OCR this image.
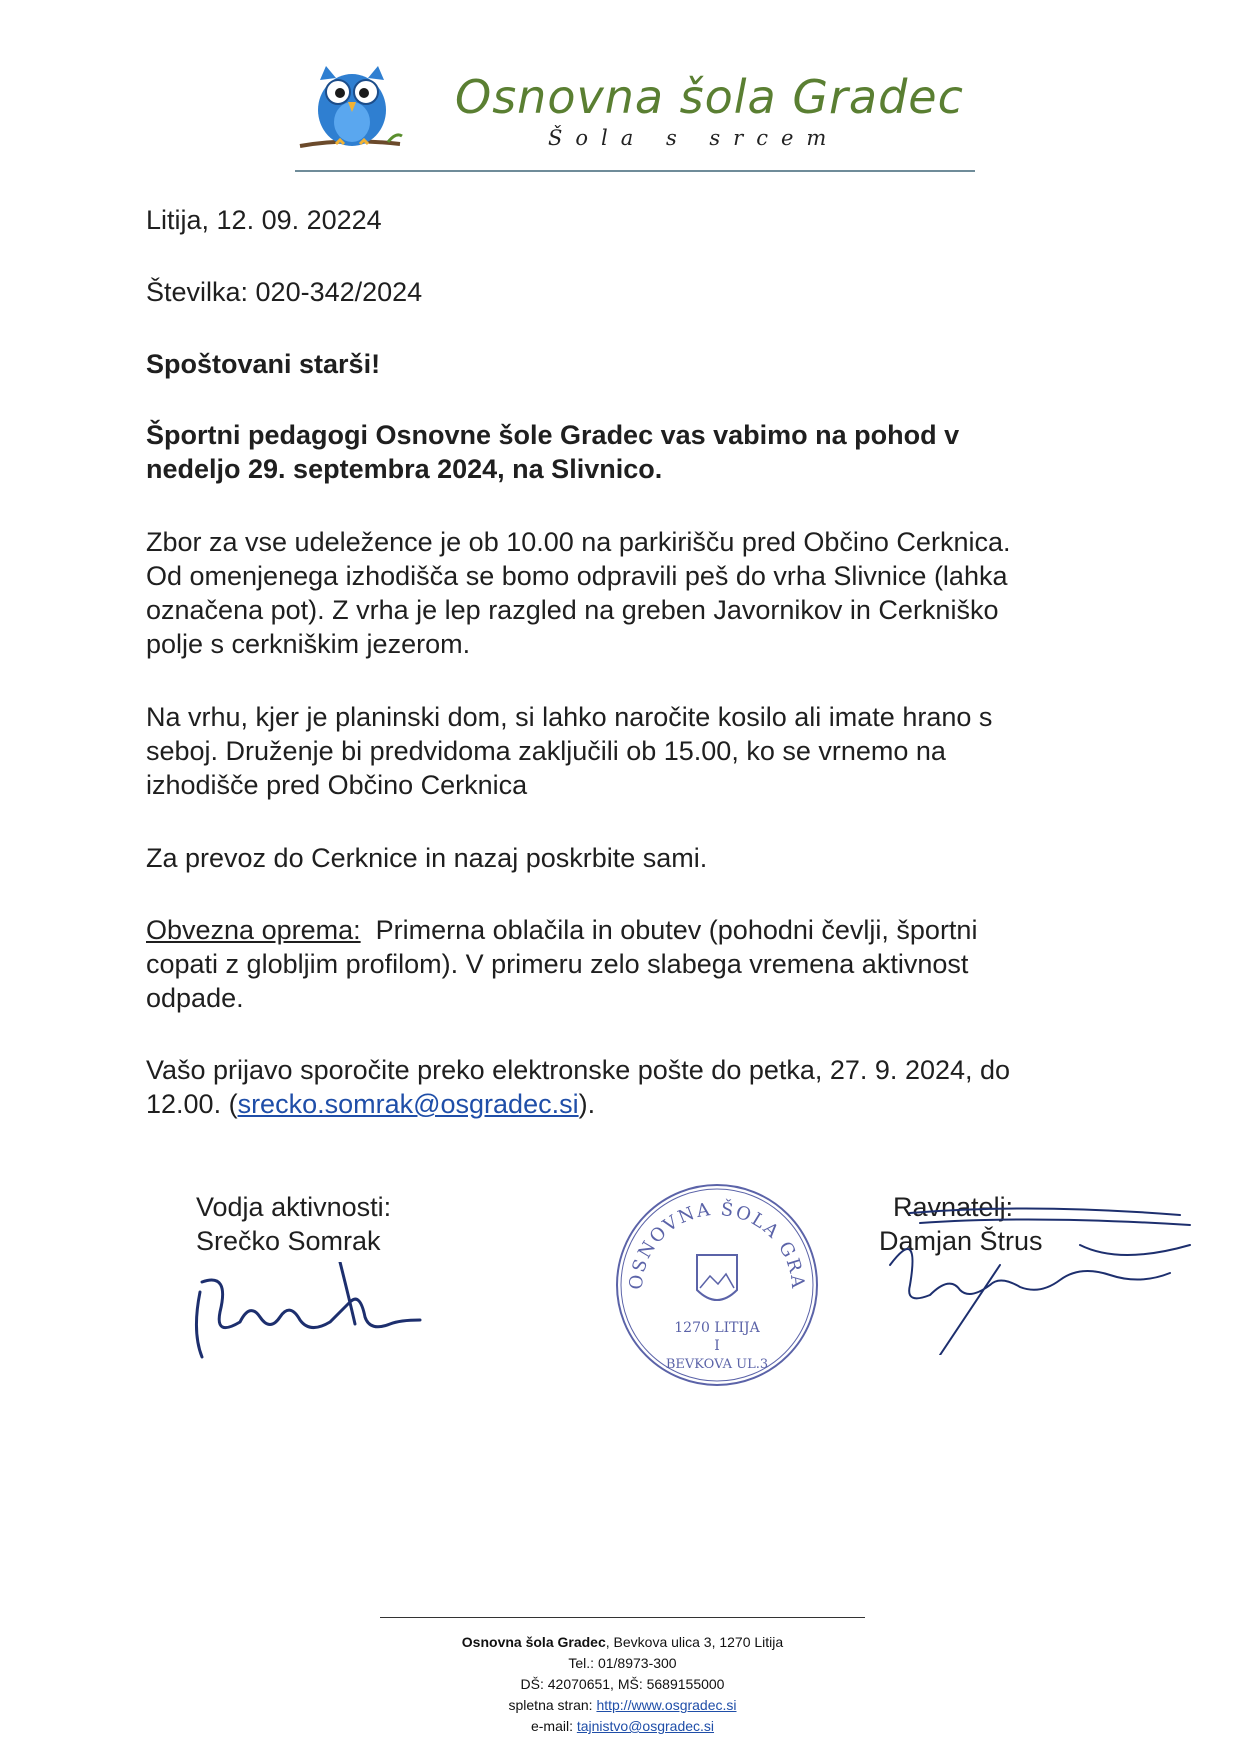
Osnovna šola Gradec
Šola s srcem
Litija, 12. 09. 20224
Številka: 020-342/2024
Spoštovani starši!
Športni pedagogi Osnovne šole Gradec vas vabimo na pohod v
nedeljo 29. septembra 2024, na Slivnico.
Zbor za vse udeležence je ob 10.00 na parkirišču pred Občino Cerknica.
Od omenjenega izhodišča se bomo odpravili peš do vrha Slivnice (lahka
označena pot). Z vrha je lep razgled na greben Javornikov in Cerkniško
polje s cerkniškim jezerom.
Na vrhu, kjer je planinski dom, si lahko naročite kosilo ali imate hrano s
seboj. Druženje bi predvidoma zaključili ob 15.00, ko se vrnemo na
izhodišče pred Občino Cerknica
Za prevoz do Cerknice in nazaj poskrbite sami.
Obvezna oprema:  Primerna oblačila in obutev (pohodni čevlji, športni
copati z globljim profilom). V primeru zelo slabega vremena aktivnost
odpade.
Vašo prijavo sporočite preko elektronske pošte do petka, 27. 9. 2024, do
12.00. (srecko.somrak@osgradec.si).
Vodja aktivnosti:
Srečko Somrak
OSNOVNA ŠOLA GRA
1270 LITIJA
I
BEVKOVA UL.3
Ravnatelj:
Damjan Štrus
Osnovna šola Gradec, Bevkova ulica 3, 1270 Litija
Tel.: 01/8973-300
DŠ: 42070651, MŠ: 5689155000
spletna stran: http://www.osgradec.si
e-mail: tajnistvo@osgradec.si
